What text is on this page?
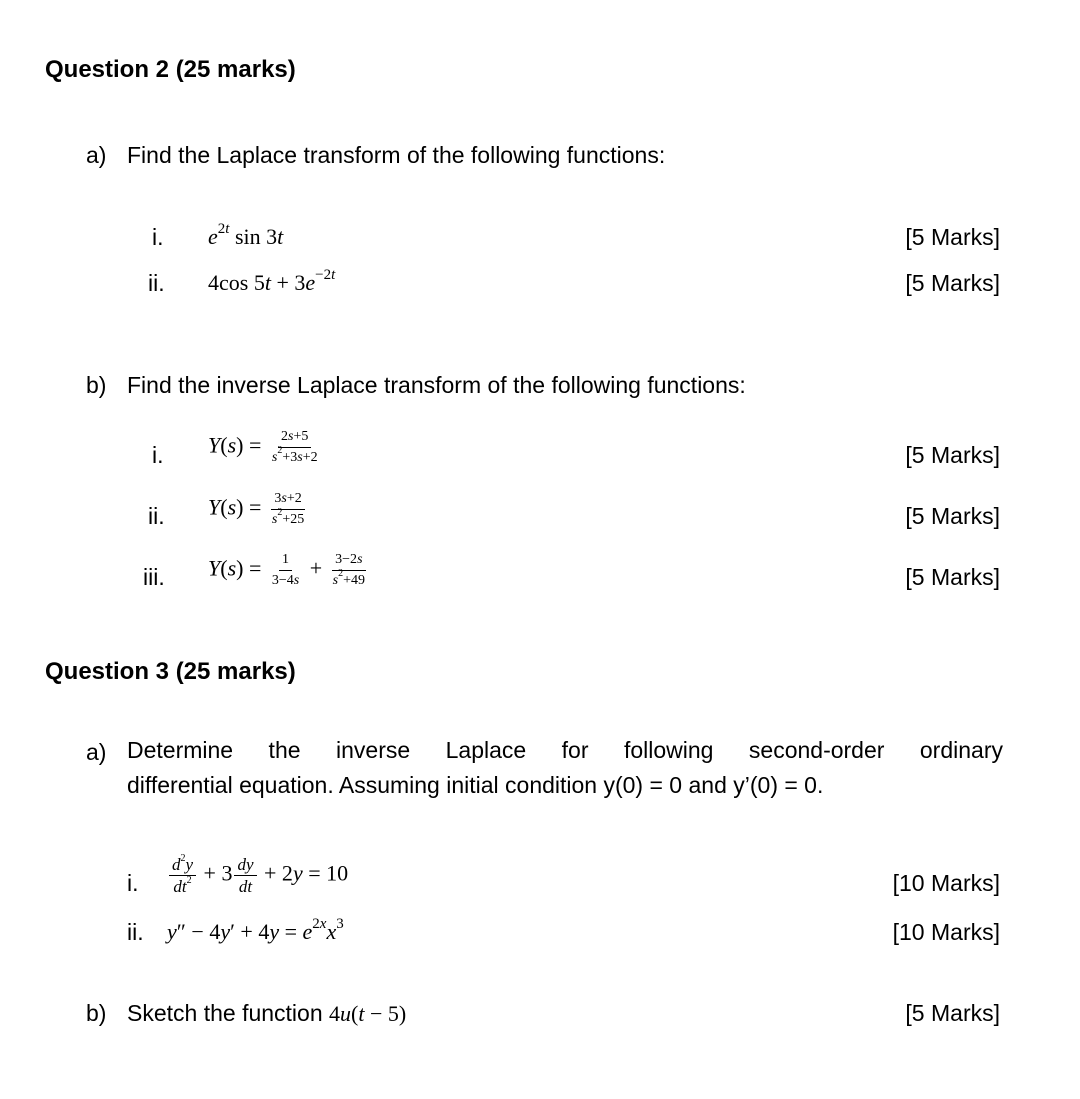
Question 2 (25 marks)
a) Find the Laplace transform of the following functions:
i. $e^{2t}$ sin 3t	[5 Marks]
ii. 4cos $5t + 3e^{-2t}$	[5 Marks]
b) Find the inverse Laplace transform of the following functions:
i. $Y(s) = \frac{2s+5}{s^2+3s+2}$	[5 Marks]
ii. $Y(s) = \frac{3s+2}{s^2+25}$	[5 Marks]
iii. $Y(s) = \frac{1}{3-4s} + \frac{3-2s}{s^2+49}$	[5 Marks]
Question 3 (25 marks)
a) Determine the inverse Laplace for following second-order ordinary
differential equation. Assuming initial condition y(0) = 0 and y’(0) = 0.
i. $\frac{d^2y}{dt^2} + 3 \frac{dy}{dt} + 2y = 10$	[10 Marks]
ii. $y'' - 4y' + 4y = e^{2x}x^3$	[10 Marks]
b) Sketch the function 4u(t − 5)	[5 Marks]
